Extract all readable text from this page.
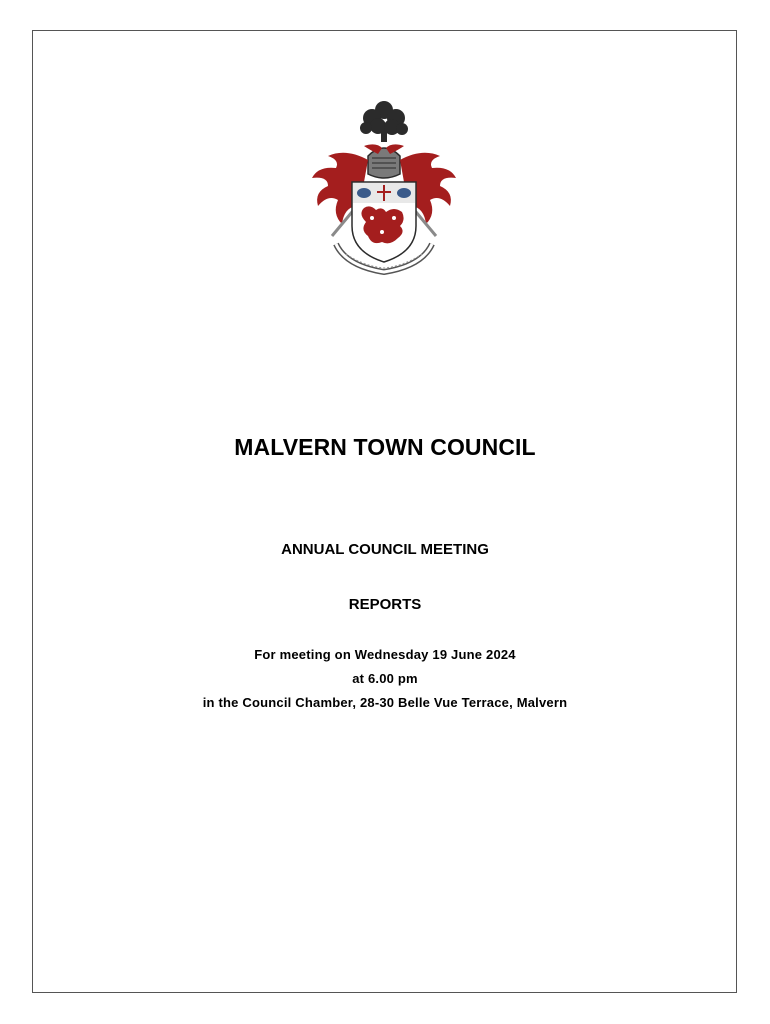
MALVERN TOWN COUNCIL
ANNUAL COUNCIL MEETING
REPORTS
For meeting on Wednesday 19 June 2024
at 6.00 pm
in the Council Chamber, 28-30 Belle Vue Terrace, Malvern
